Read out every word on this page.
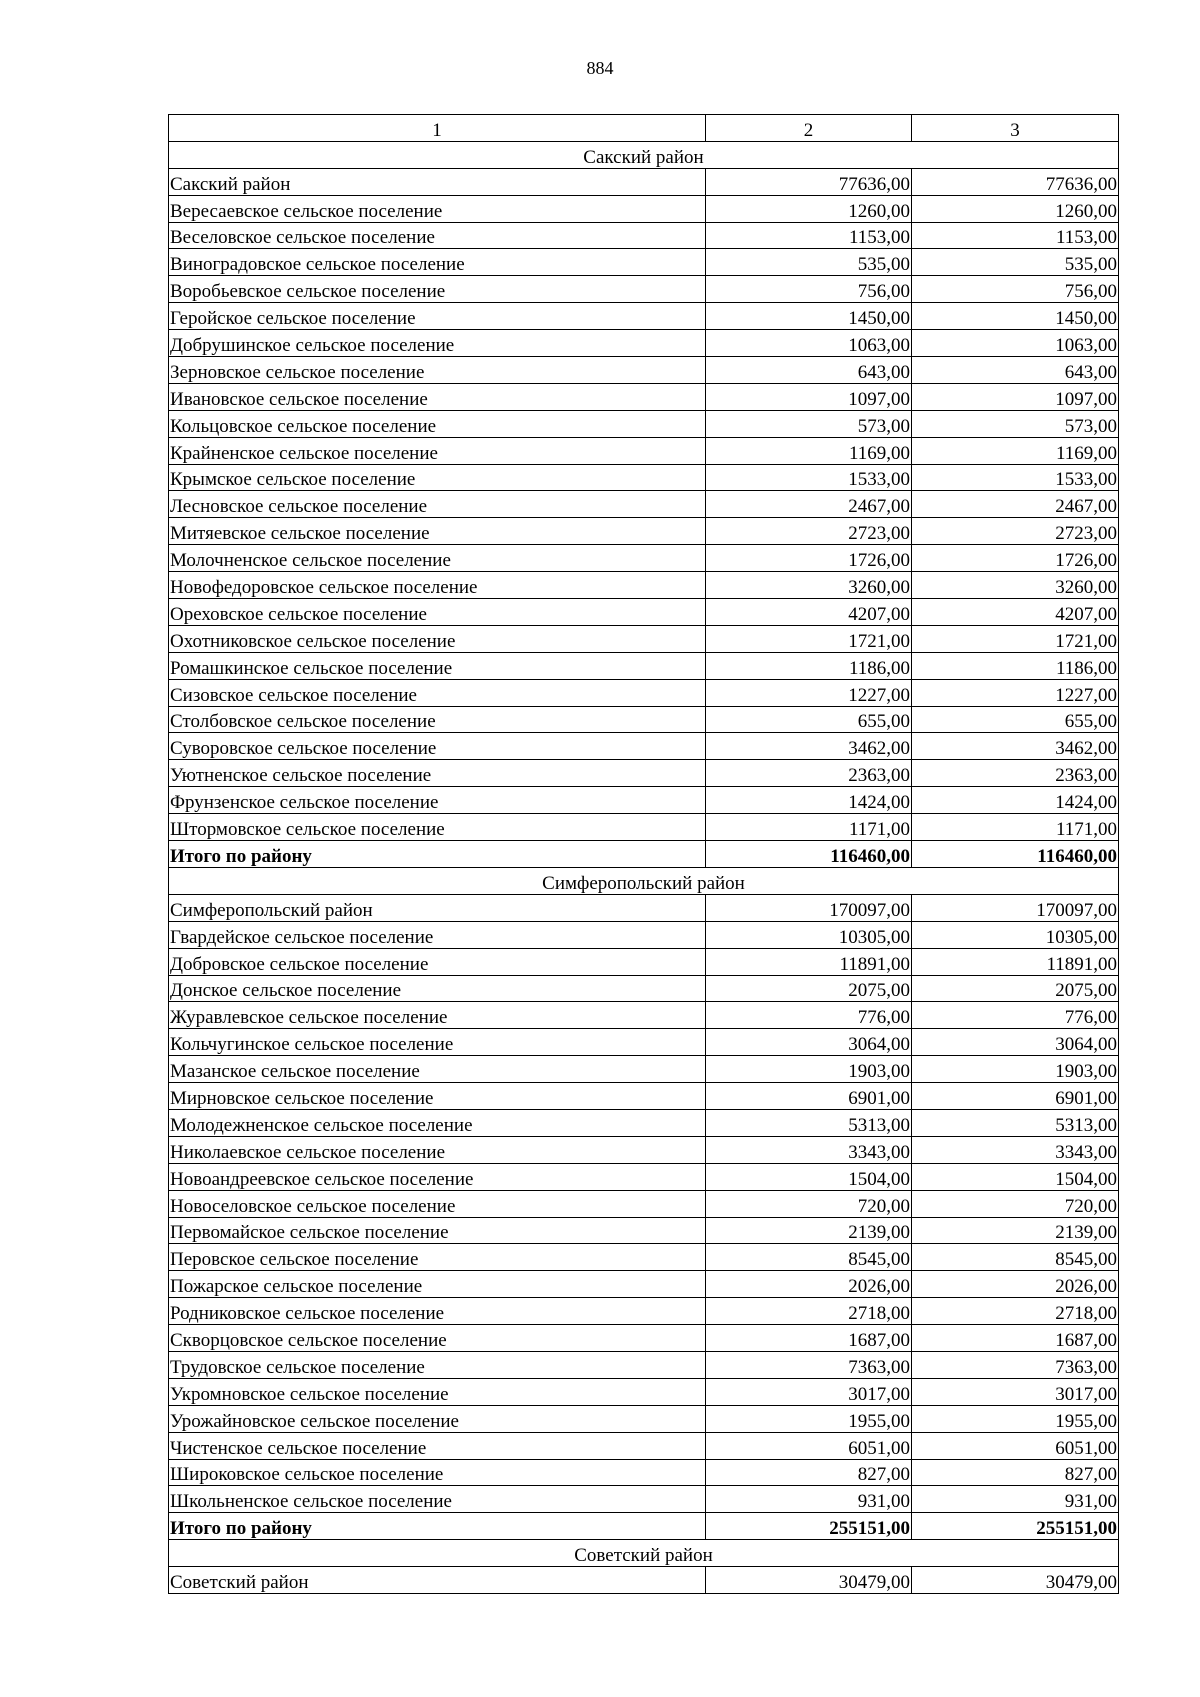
884
1	2	3
Сакский район		
Сакский район	77636,00	77636,00
Вересаевское сельское поселение	1260,00	1260,00
Веселовское сельское поселение	1153,00	1153,00
Виноградовское сельское поселение	535,00	535,00
Воробьевское сельское поселение	756,00	756,00
Геройское сельское поселение	1450,00	1450,00
Добрушинское сельское поселение	1063,00	1063,00
Зерновское сельское поселение	643,00	643,00
Ивановское сельское поселение	1097,00	1097,00
Кольцовское сельское поселение	573,00	573,00
Крайненское сельское поселение	1169,00	1169,00
Крымское сельское поселение	1533,00	1533,00
Лесновское сельское поселение	2467,00	2467,00
Митяевское сельское поселение	2723,00	2723,00
Молочненское сельское поселение	1726,00	1726,00
Новофедоровское сельское поселение	3260,00	3260,00
Ореховское сельское поселение	4207,00	4207,00
Охотниковское сельское поселение	1721,00	1721,00
Ромашкинское сельское поселение	1186,00	1186,00
Сизовское сельское поселение	1227,00	1227,00
Столбовское сельское поселение	655,00	655,00
Суворовское сельское поселение	3462,00	3462,00
Уютненское сельское поселение	2363,00	2363,00
Фрунзенское сельское поселение	1424,00	1424,00
Штормовское сельское поселение	1171,00	1171,00
Итого по району	116460,00	116460,00
Симферопольский район		
Симферопольский район	170097,00	170097,00
Гвардейское сельское поселение	10305,00	10305,00
Добровское сельское поселение	11891,00	11891,00
Донское сельское поселение	2075,00	2075,00
Журавлевское сельское поселение	776,00	776,00
Кольчугинское сельское поселение	3064,00	3064,00
Мазанское сельское поселение	1903,00	1903,00
Мирновское сельское поселение	6901,00	6901,00
Молодежненское сельское поселение	5313,00	5313,00
Николаевское сельское поселение	3343,00	3343,00
Новоандреевское сельское поселение	1504,00	1504,00
Новоселовское сельское поселение	720,00	720,00
Первомайское сельское поселение	2139,00	2139,00
Перовское сельское поселение	8545,00	8545,00
Пожарское сельское поселение	2026,00	2026,00
Родниковское сельское поселение	2718,00	2718,00
Скворцовское сельское поселение	1687,00	1687,00
Трудовское сельское поселение	7363,00	7363,00
Укромновское сельское поселение	3017,00	3017,00
Урожайновское сельское поселение	1955,00	1955,00
Чистенское сельское поселение	6051,00	6051,00
Широковское сельское поселение	827,00	827,00
Школьненское сельское поселение	931,00	931,00
Итого по району	255151,00	255151,00
Советский район		
Советский район	30479,00	30479,00
